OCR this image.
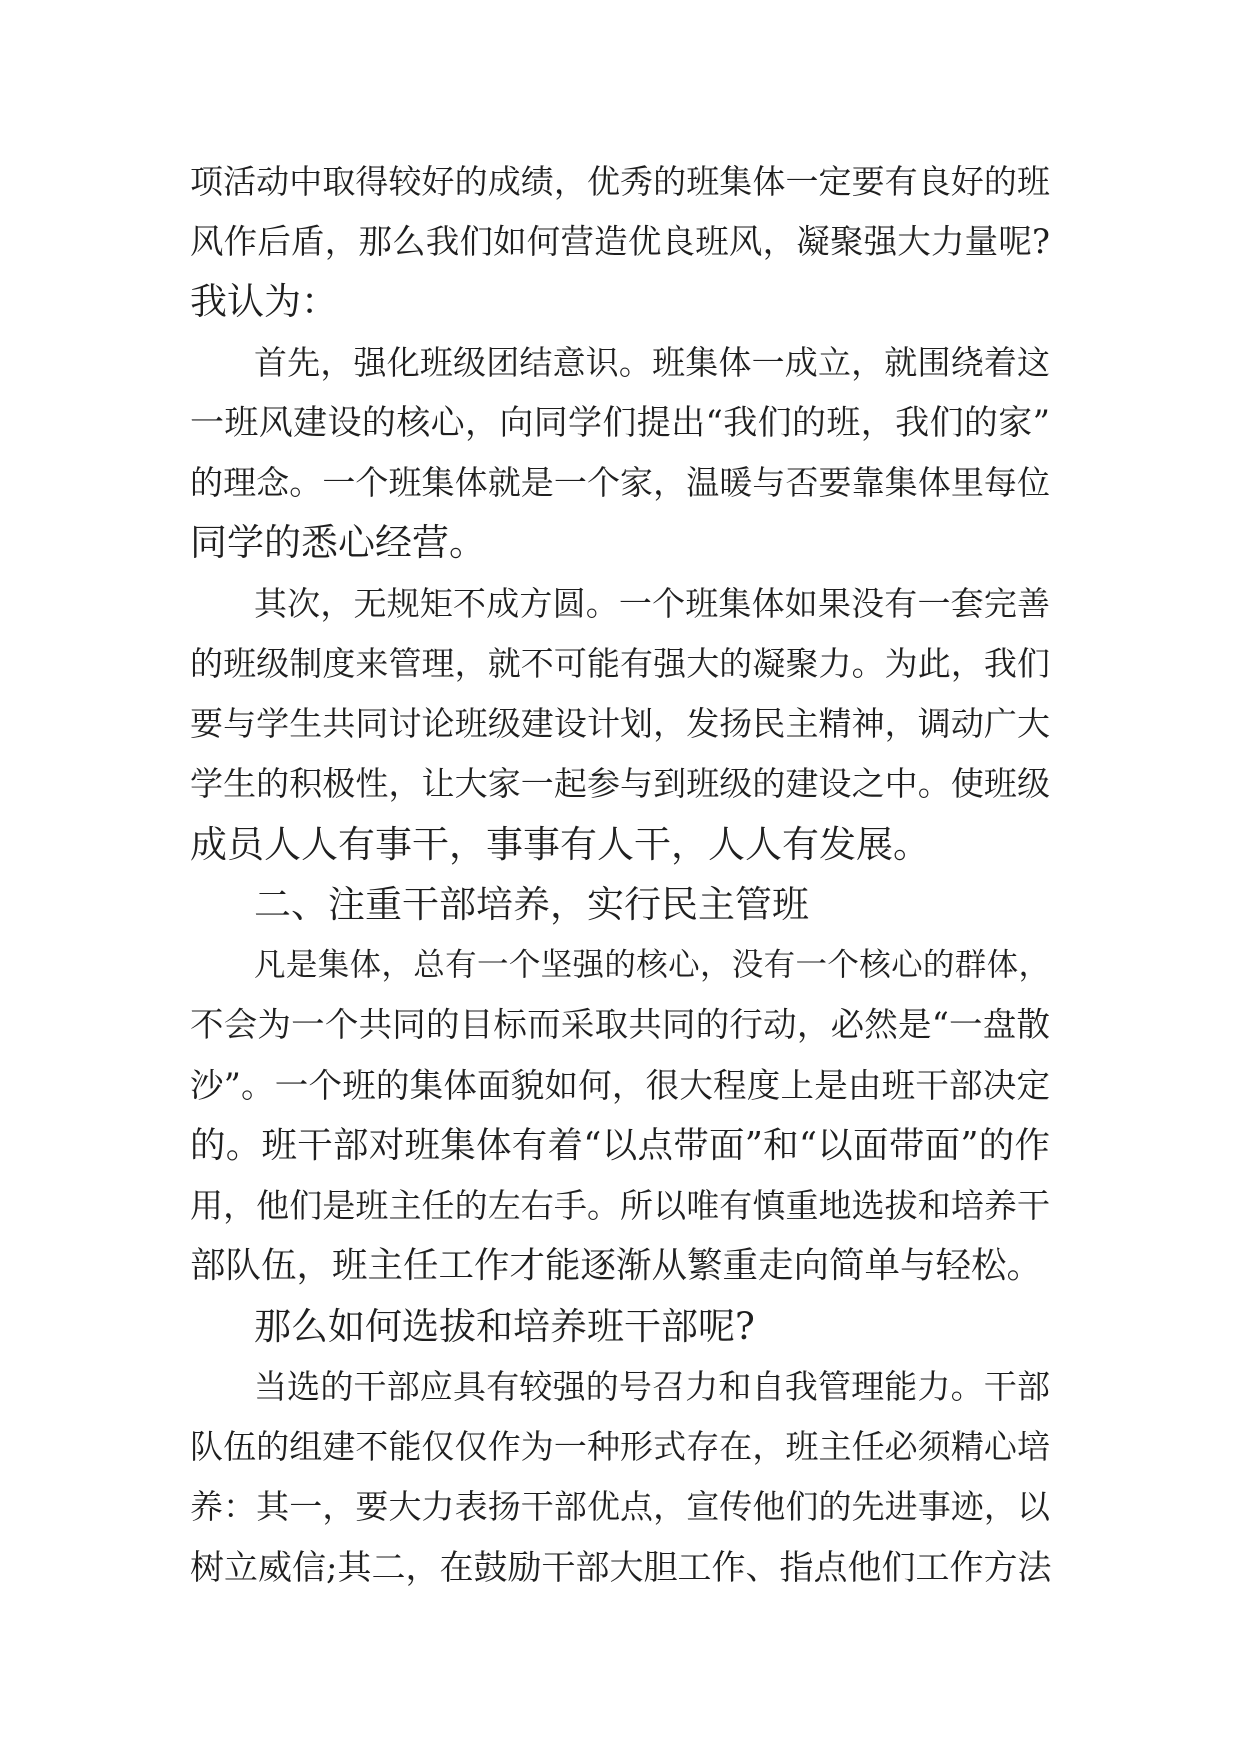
项活动中取得较好的成绩，优秀的班集体一定要有良好的班
风作后盾，那么我们如何营造优良班风，凝聚强大力量呢?
我认为：
首先，强化班级团结意识。班集体一成立，就围绕着这
一班风建设的核心，向同学们提出“我们的班，我们的家”
的理念。一个班集体就是一个家，温暖与否要靠集体里每位
同学的悉心经营。
其次，无规矩不成方圆。一个班集体如果没有一套完善
的班级制度来管理，就不可能有强大的凝聚力。为此，我们
要与学生共同讨论班级建设计划，发扬民主精神，调动广大
学生的积极性，让大家一起参与到班级的建设之中。使班级
成员人人有事干，事事有人干，人人有发展。
二、注重干部培养，实行民主管班
凡是集体，总有一个坚强的核心，没有一个核心的群体，
不会为一个共同的目标而采取共同的行动，必然是“一盘散
沙”。一个班的集体面貌如何，很大程度上是由班干部决定
的。班干部对班集体有着“以点带面”和“以面带面”的作
用，他们是班主任的左右手。所以唯有慎重地选拔和培养干
部队伍，班主任工作才能逐渐从繁重走向简单与轻松。
那么如何选拔和培养班干部呢?
当选的干部应具有较强的号召力和自我管理能力。干部
队伍的组建不能仅仅作为一种形式存在，班主任必须精心培
养：其一，要大力表扬干部优点，宣传他们的先进事迹，以
树立威信;其二，在鼓励干部大胆工作、指点他们工作方法
